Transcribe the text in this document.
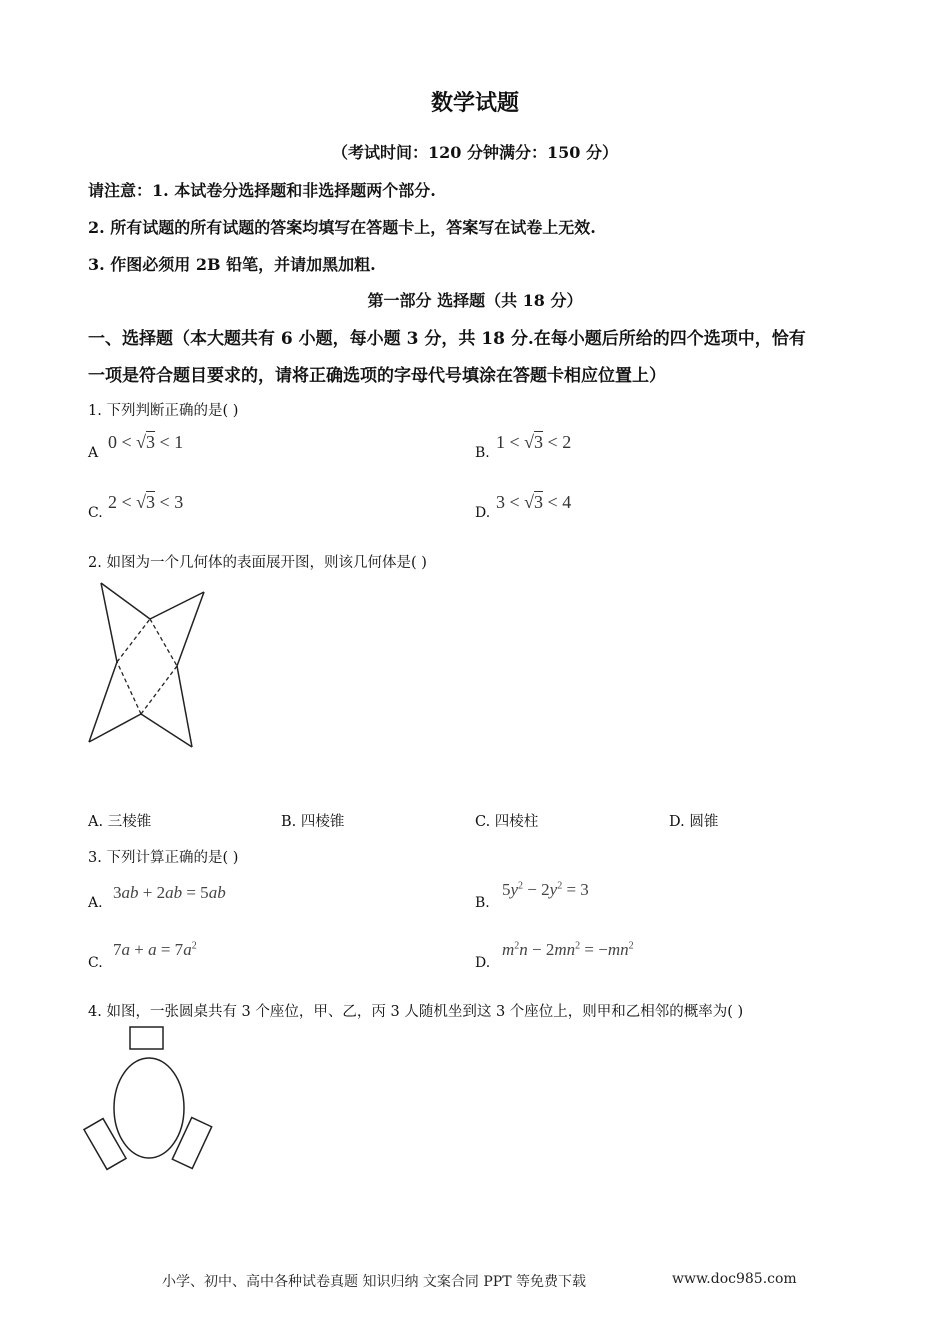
数学试题
（考试时间：120 分钟满分：150 分）
请注意：1. 本试卷分选择题和非选择题两个部分.
2. 所有试题的所有试题的答案均填写在答题卡上，答案写在试卷上无效.
3. 作图必须用 2B 铅笔，并请加黑加粗.
第一部分 选择题（共 18 分）
一、选择题（本大题共有 6 小题，每小题 3 分，共 18 分.在每小题后所给的四个选项中，恰有
一项是符合题目要求的，请将正确选项的字母代号填涂在答题卡相应位置上）
1. 下列判断正确的是( )
A
0 < √3 < 1
B.
1 < √3 < 2
C.
2 < √3 < 3
D.
3 < √3 < 4
2. 如图为一个几何体的表面展开图，则该几何体是( )
A. 三棱锥	B. 四棱锥	C. 四棱柱	D. 圆锥
3. 下列计算正确的是( )
A.
3ab + 2ab = 5ab
B.
$5y^2 - 2y^2 = 3$
C.
$7a + a = 7a^2$
D.
$m^2n - 2mn^2 = -mn^2$
4. 如图，一张圆桌共有 3 个座位，甲、乙，丙 3 人随机坐到这 3 个座位上，则甲和乙相邻的概率为( )
小学、初中、高中各种试卷真题 知识归纳 文案合同 PPT 等免费下载	www.doc985.com
